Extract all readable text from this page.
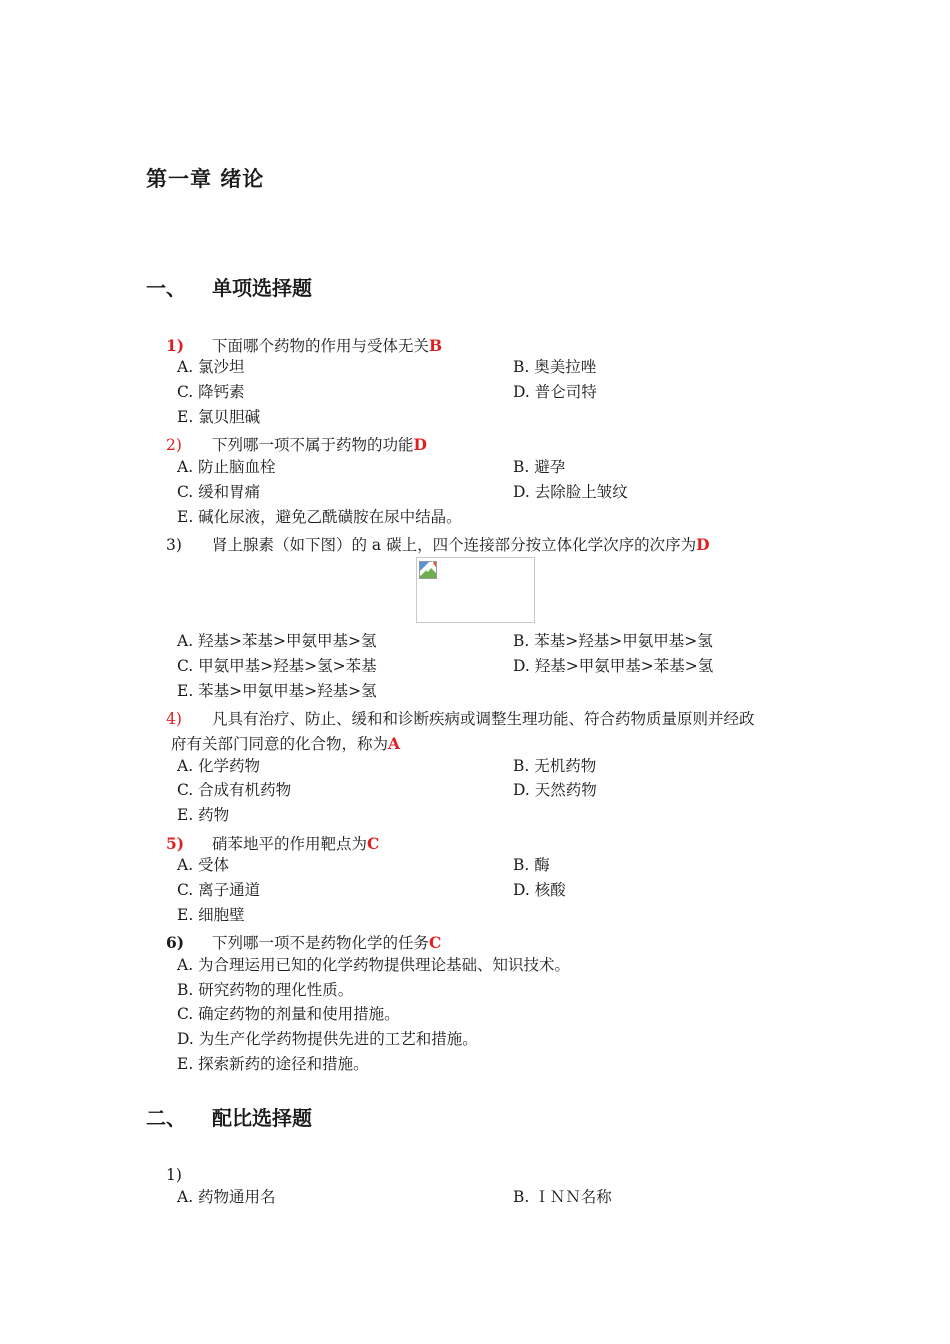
第一章 绪论
一、 单项选择题
1) 下面哪个药物的作用与受体无关B
A. 氯沙坦	B. 奥美拉唑
C. 降钙素	D. 普仑司特
E. 氯贝胆碱
2) 下列哪一项不属于药物的功能D
A. 防止脑血栓	B. 避孕
C. 缓和胃痛	D. 去除脸上皱纹
E. 碱化尿液，避免乙酰磺胺在尿中结晶。
3) 肾上腺素（如下图）的 a 碳上，四个连接部分按立体化学次序的次序为D
A. 羟基>苯基>甲氨甲基>氢	B. 苯基>羟基>甲氨甲基>氢
C. 甲氨甲基>羟基>氢>苯基	D. 羟基>甲氨甲基>苯基>氢
E. 苯基>甲氨甲基>羟基>氢
4) 凡具有治疗、防止、缓和和诊断疾病或调整生理功能、符合药物质量原则并经政
府有关部门同意的化合物，称为A
A. 化学药物	B. 无机药物
C. 合成有机药物	D. 天然药物
E. 药物
5) 硝苯地平的作用靶点为C
A. 受体	B. 酶
C. 离子通道	D. 核酸
E. 细胞壁
6) 下列哪一项不是药物化学的任务C
A. 为合理运用已知的化学药物提供理论基础、知识技术。
B. 研究药物的理化性质。
C. 确定药物的剂量和使用措施。
D. 为生产化学药物提供先进的工艺和措施。
E. 探索新药的途径和措施。
二、 配比选择题
1)
A. 药物通用名	B. ＩＮＮ名称
